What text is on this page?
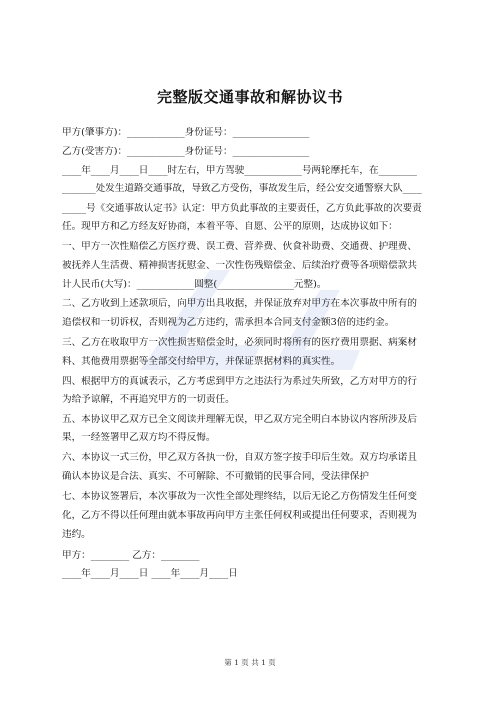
完整版交通事故和解协议书
甲方(肇事方)：____________身份证号：________________
乙方(受害方)：____________身份证号：________________
____年____月____日____时左右，甲方驾驶____________号两轮摩托车，在________
_______处发生道路交通事故，导致乙方受伤，事故发生后，经公安交通警察大队____
_____号《交通事故认定书》认定：甲方负此事故的主要责任，乙方负此事故的次要责
任。现甲方和乙方经友好协商，本着平等、自愿、公平的原则，达成协议如下：
一、甲方一次性赔偿乙方医疗费、误工费、营养费、伙食补助费、交通费、护理费、
被抚养人生活费、精神损害抚慰金、一次性伤残赔偿金、后续治疗费等各项赔偿款共
计人民币(大写)：____________圆整(________________元整)。
二、乙方收到上述款项后，向甲方出具收据，并保证放弃对甲方在本次事故中所有的
追偿权和一切诉权，否则视为乙方违约，需承担本合同支付金额3倍的违约金。
三、乙方在收取甲方一次性损害赔偿金时，必须同时将所有的医疗费用票据、病案材
料、其他费用票据等全部交付给甲方，并保证票据材料的真实性。
四、根据甲方的真诚表示，乙方考虑到甲方之违法行为系过失所致，乙方对甲方的行
为给予谅解，不再追究甲方的一切责任。
五、本协议甲乙双方已全文阅读并理解无误，甲乙双方完全明白本协议内容所涉及后
果，一经签署甲乙双方均不得反悔。
六、本协议一式三份，甲乙双方各执一份，自双方签字按手印后生效。双方均承诺且
确认本协议是合法、真实、不可解除、不可撤销的民事合同，受法律保护
七、本协议签署后，本次事故为一次性全部处理终结，以后无论乙方伤情发生任何变
化，乙方不得以任何理由就本事故再向甲方主张任何权利或提出任何要求，否则视为
违约。
甲方：________ 乙方：________
____年____月____日 ____年____月____日
第 1 页 共 1 页
